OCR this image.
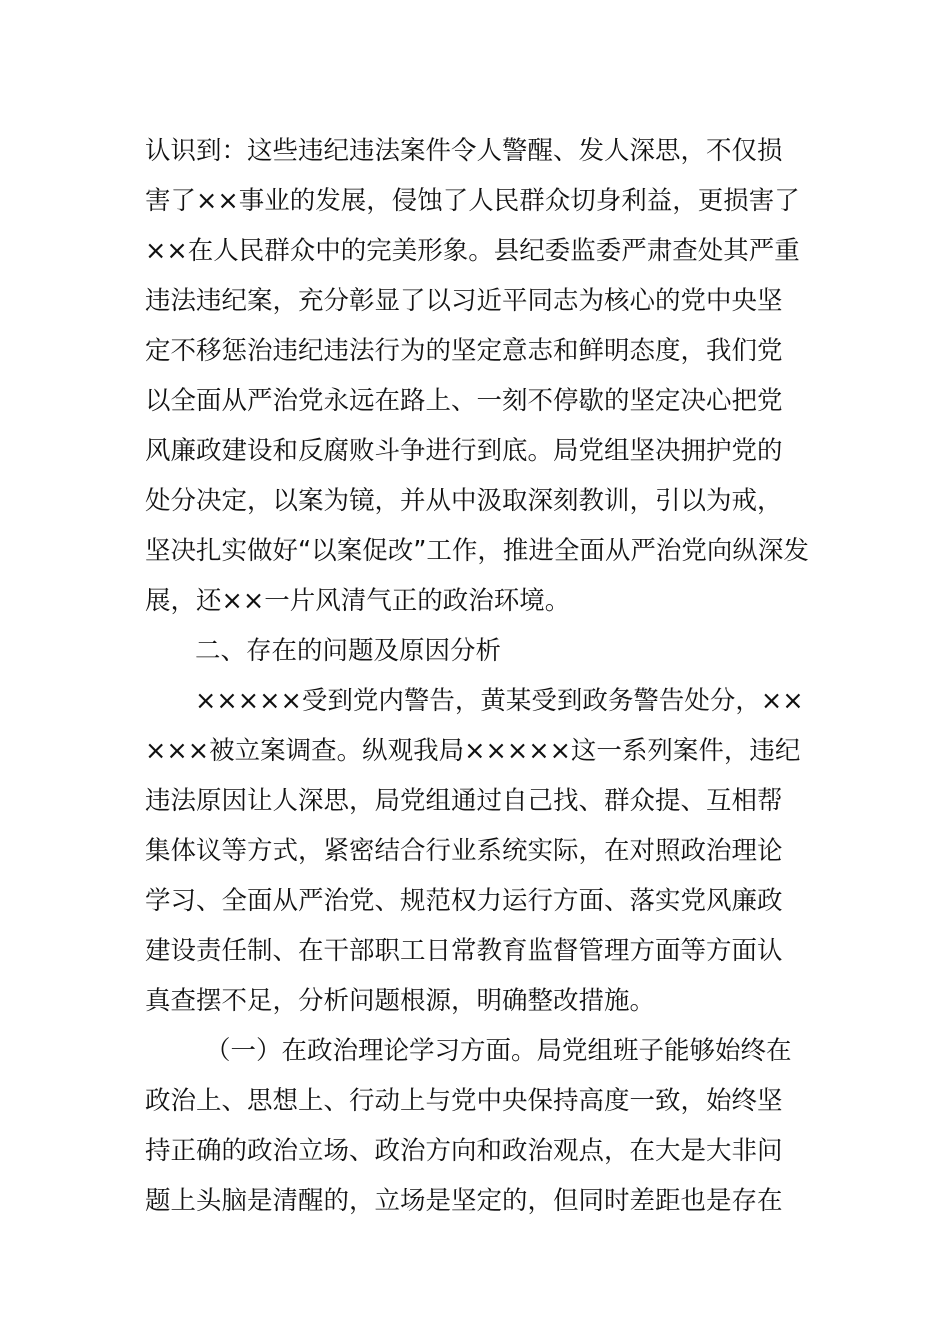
认识到：这些违纪违法案件令人警醒、发人深思，不仅损
害了××事业的发展，侵蚀了人民群众切身利益，更损害了
××在人民群众中的完美形象。县纪委监委严肃查处其严重
违法违纪案，充分彰显了以习近平同志为核心的党中央坚
定不移惩治违纪违法行为的坚定意志和鲜明态度，我们党
以全面从严治党永远在路上、一刻不停歇的坚定决心把党
风廉政建设和反腐败斗争进行到底。局党组坚决拥护党的
处分决定，以案为镜，并从中汲取深刻教训，引以为戒，
坚决扎实做好“以案促改”工作，推进全面从严治党向纵深发
展，还××一片风清气正的政治环境。
二、存在的问题及原因分析
×××××受到党内警告，黄某受到政务警告处分，××
×××被立案调查。纵观我局×××××这一系列案件，违纪
违法原因让人深思，局党组通过自己找、群众提、互相帮
集体议等方式，紧密结合行业系统实际，在对照政治理论
学习、全面从严治党、规范权力运行方面、落实党风廉政
建设责任制、在干部职工日常教育监督管理方面等方面认
真查摆不足，分析问题根源，明确整改措施。
（一）在政治理论学习方面。局党组班子能够始终在
政治上、思想上、行动上与党中央保持高度一致，始终坚
持正确的政治立场、政治方向和政治观点，在大是大非问
题上头脑是清醒的，立场是坚定的，但同时差距也是存在
